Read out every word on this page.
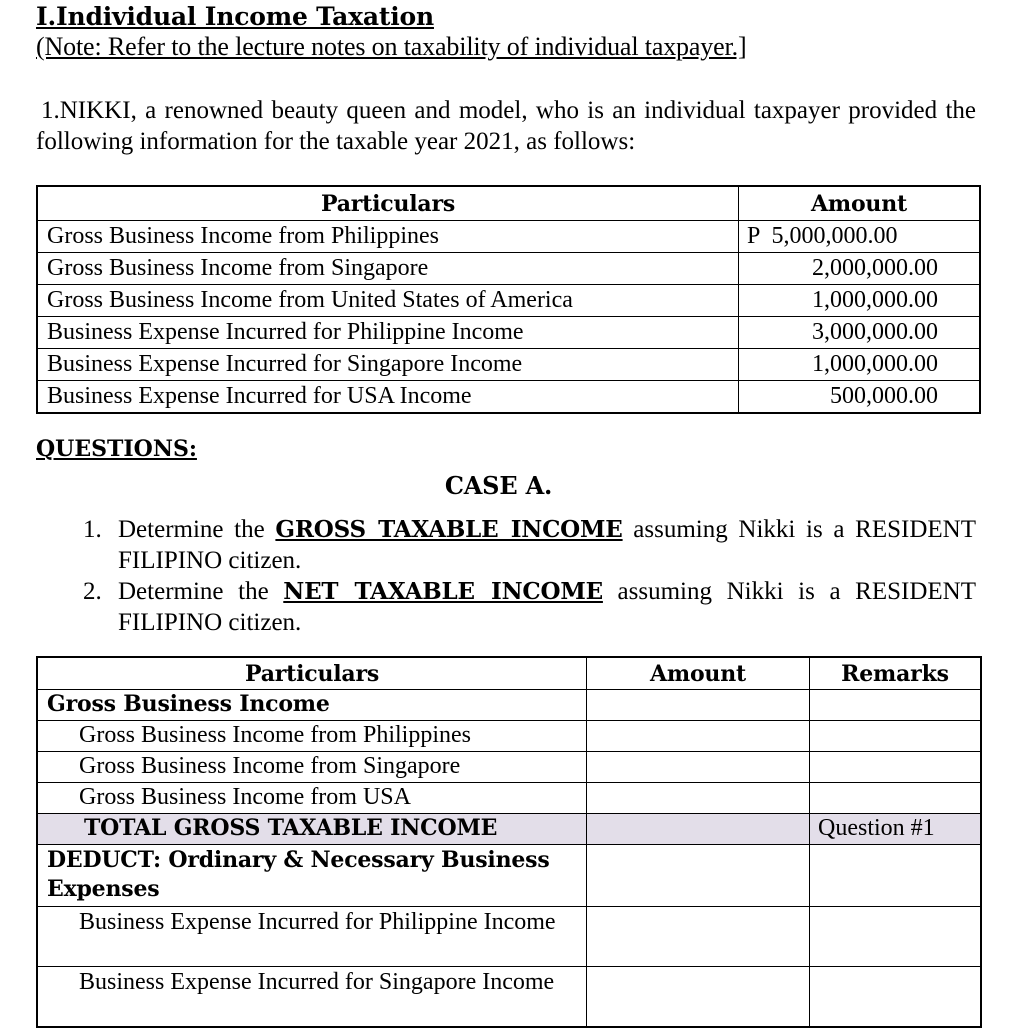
I.Individual Income Taxation

(Note: Refer to the lecture notes on taxability of individual taxpayer.]

1.NIKKI, a renowned beauty queen and model, who is an individual taxpayer provided the following information for the taxable year 2021, as follows:

Particulars	Amount
Gross Business Income from Philippines	P  5,000,000.00
Gross Business Income from Singapore	2,000,000.00
Gross Business Income from United States of America	1,000,000.00
Business Expense Incurred for Philippine Income	3,000,000.00
Business Expense Incurred for Singapore Income	1,000,000.00
Business Expense Incurred for USA Income	500,000.00

QUESTIONS:

CASE A.

1. Determine the GROSS TAXABLE INCOME assuming Nikki is a RESIDENT FILIPINO citizen.
2. Determine the NET TAXABLE INCOME assuming Nikki is a RESIDENT FILIPINO citizen.
Particulars	Amount	Remarks
Gross Business Income		
Gross Business Income from Philippines		
Gross Business Income from Singapore		
Gross Business Income from USA		
TOTAL GROSS TAXABLE INCOME		Question #1
DEDUCT: Ordinary & Necessary Business Expenses		
Business Expense Incurred for Philippine Income		
Business Expense Incurred for Singapore Income		
